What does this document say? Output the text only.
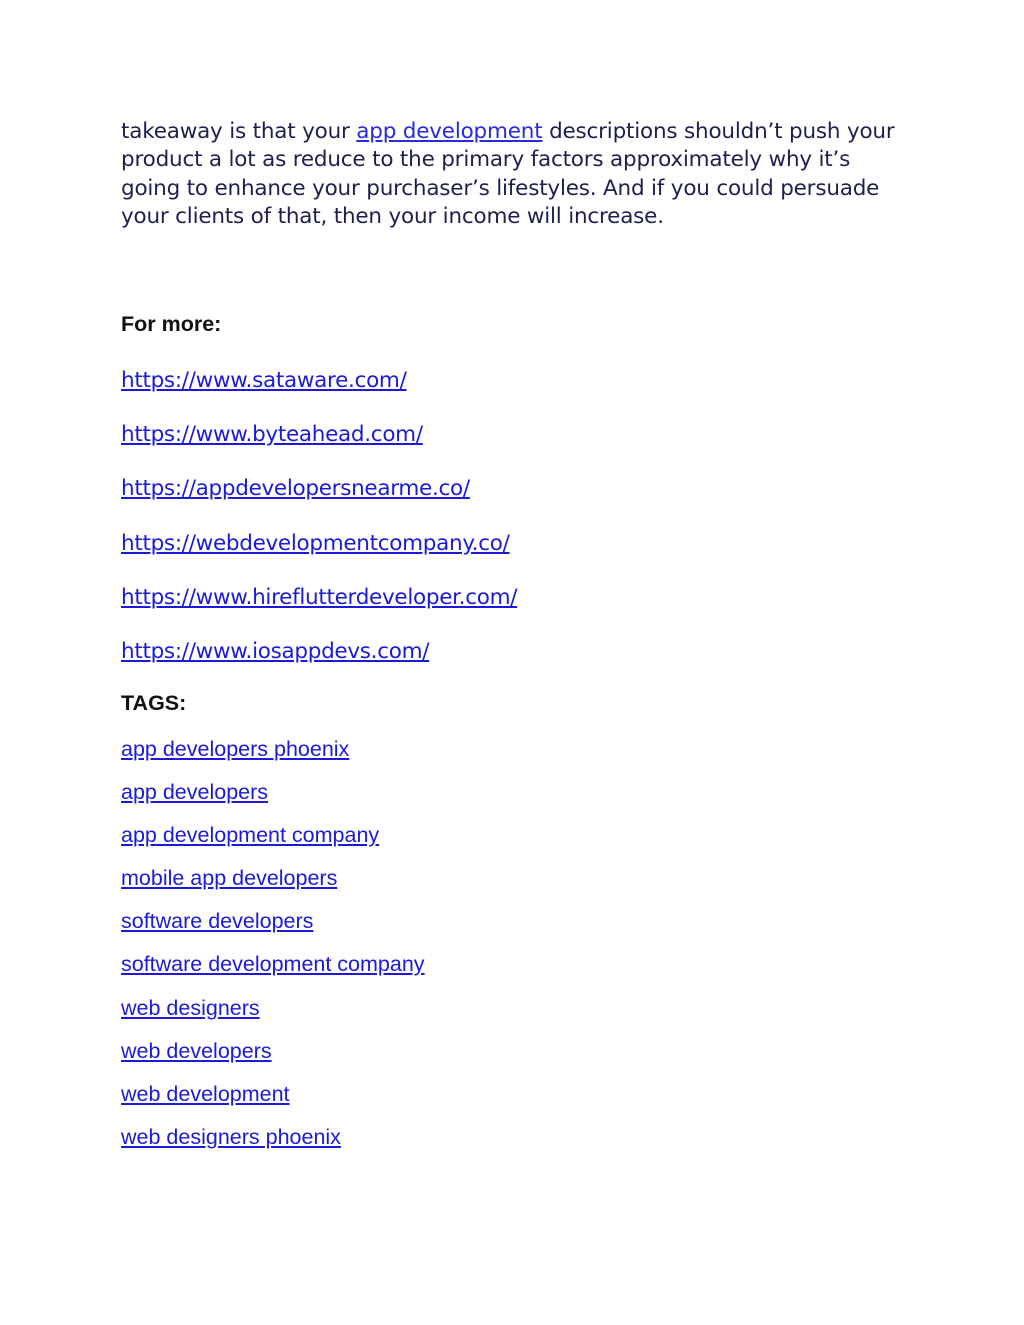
takeaway is that your app development descriptions shouldn’t push your product a lot as reduce to the primary factors approximately why it’s going to enhance your purchaser’s lifestyles. And if you could persuade your clients of that, then your income will increase.

For more:
https://www.sataware.com/
https://www.byteahead.com/
https://appdevelopersnearme.co/
https://webdevelopmentcompany.co/
https://www.hireflutterdeveloper.com/
https://www.iosappdevs.com/
TAGS:
app developers phoenix
app developers
app development company
mobile app developers
software developers
software development company
web designers
web developers
web development
web designers phoenix
